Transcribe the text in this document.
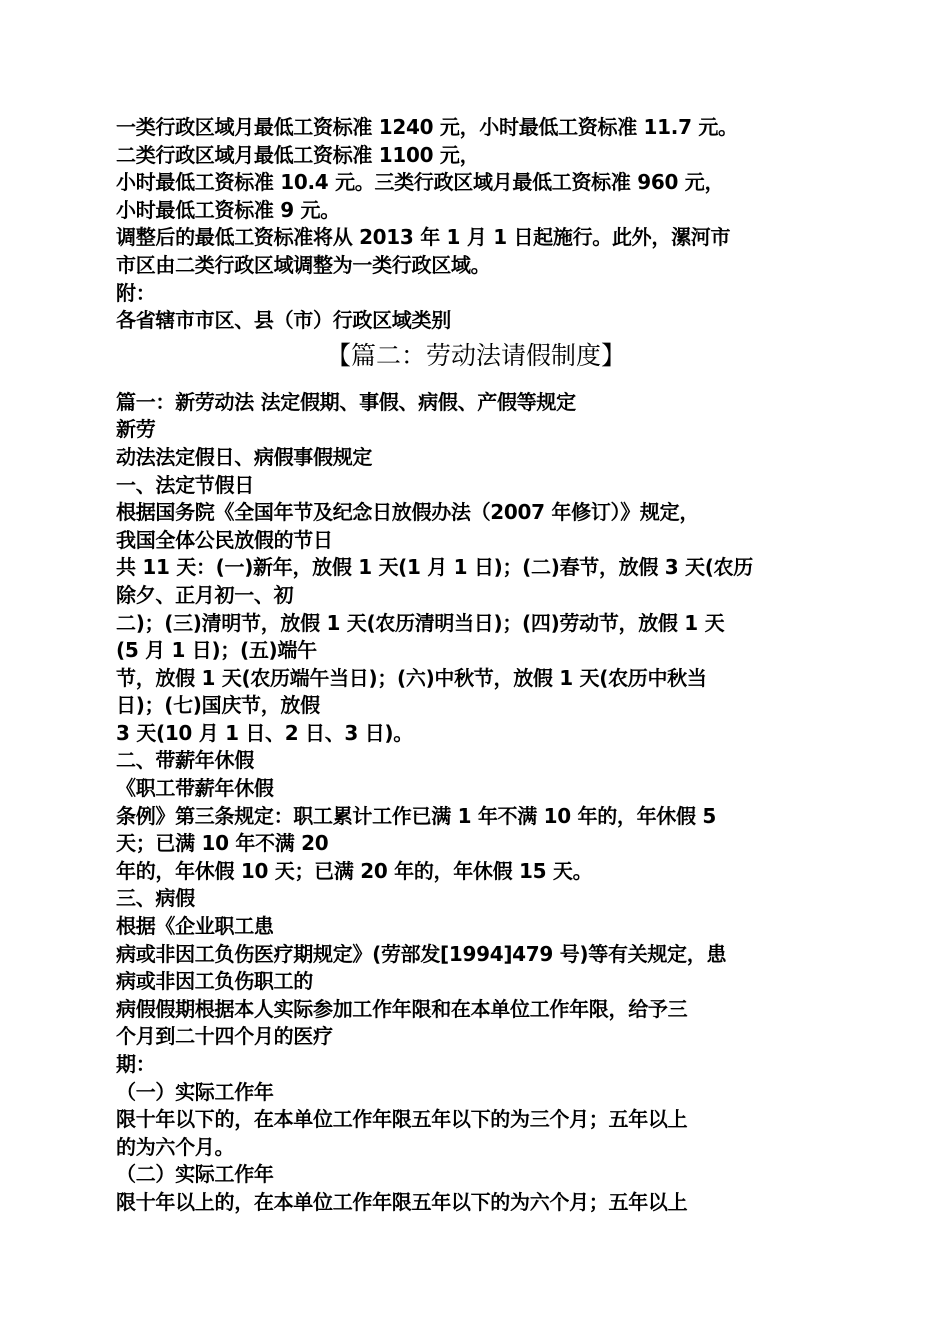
一类行政区域月最低工资标准 1240 元，小时最低工资标准 11.7 元。
二类行政区域月最低工资标准 1100 元，
小时最低工资标准 10.4 元。三类行政区域月最低工资标准 960 元，
小时最低工资标准 9 元。
调整后的最低工资标准将从 2013 年 1 月 1 日起施行。此外，漯河市
市区由二类行政区域调整为一类行政区域。
附：
各省辖市市区、县（市）行政区域类别
【篇二：劳动法请假制度】
篇一：新劳动法 法定假期、事假、病假、产假等规定
新劳
动法法定假日、病假事假规定
一、法定节假日
根据国务院《全国年节及纪念日放假办法（2007 年修订）》规定，
我国全体公民放假的节日
共 11 天：(一)新年，放假 1 天(1 月 1 日)；(二)春节，放假 3 天(农历
除夕、正月初一、初
二)；(三)清明节，放假 1 天(农历清明当日)；(四)劳动节，放假 1 天
(5 月 1 日)；(五)端午
节，放假 1 天(农历端午当日)；(六)中秋节，放假 1 天(农历中秋当
日)；(七)国庆节，放假
3 天(10 月 1 日、2 日、3 日)。
二、带薪年休假
《职工带薪年休假
条例》第三条规定：职工累计工作已满 1 年不满 10 年的，年休假 5
天；已满 10 年不满 20
年的，年休假 10 天；已满 20 年的，年休假 15 天。
三、病假
根据《企业职工患
病或非因工负伤医疗期规定》(劳部发[1994]479 号)等有关规定，患
病或非因工负伤职工的
病假假期根据本人实际参加工作年限和在本单位工作年限，给予三
个月到二十四个月的医疗
期：
（一）实际工作年
限十年以下的，在本单位工作年限五年以下的为三个月；五年以上
的为六个月。
（二）实际工作年
限十年以上的，在本单位工作年限五年以下的为六个月；五年以上
